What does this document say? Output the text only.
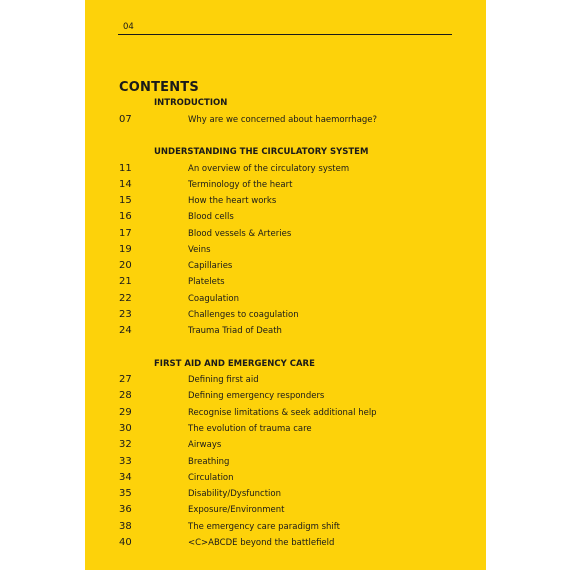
04
CONTENTS
INTRODUCTION
07	Why are we concerned about haemorrhage?
UNDERSTANDING THE CIRCULATORY SYSTEM
11	An overview of the circulatory system
14	Terminology of the heart
15	How the heart works
16	Blood cells
17	Blood vessels & Arteries
19	Veins
20	Capillaries
21	Platelets
22	Coagulation
23	Challenges to coagulation
24	Trauma Triad of Death
FIRST AID AND EMERGENCY CARE
27	Defining first aid
28	Defining emergency responders
29	Recognise limitations & seek additional help
30	The evolution of trauma care
32	Airways
33	Breathing
34	Circulation
35	Disability/Dysfunction
36	Exposure/Environment
38	The emergency care paradigm shift
40	<C>ABCDE beyond the battlefield
